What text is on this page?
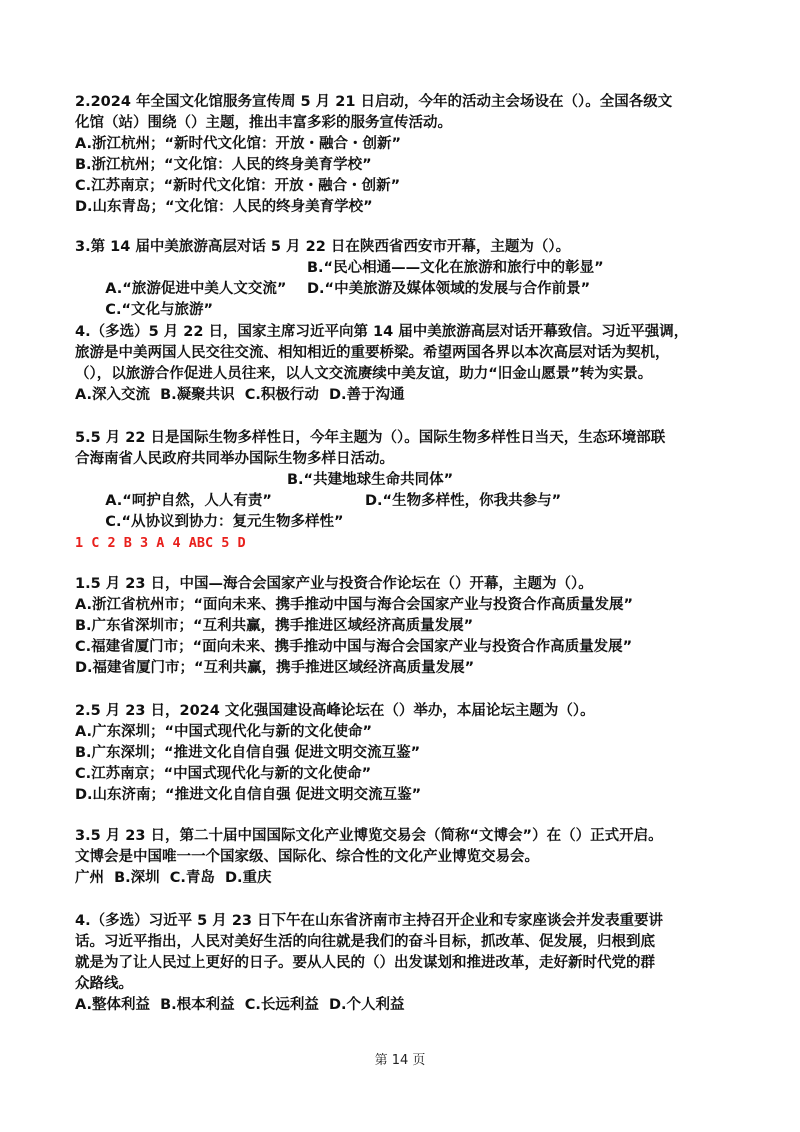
2.2024 年全国文化馆服务宣传周 5 月 21 日启动，今年的活动主会场设在（）。全国各级文
化馆（站）围绕（）主题，推出丰富多彩的服务宣传活动。
A.浙江杭州；“新时代文化馆：开放・融合・创新”
B.浙江杭州；“文化馆：人民的终身美育学校”
C.江苏南京；“新时代文化馆：开放・融合・创新”
D.山东青岛；“文化馆：人民的终身美育学校”
3.第 14 届中美旅游高层对话 5 月 22 日在陕西省西安市开幕，主题为（）。

A.“旅游促进中美人文交流”

B.“民心相通——文化在旅游和旅行中的彰显”

C.“文化与旅游”

D.“中美旅游及媒体领域的发展与合作前景”

4.（多选）5 月 22 日，国家主席习近平向第 14 届中美旅游高层对话开幕致信。习近平强调，
旅游是中美两国人民交往交流、相知相近的重要桥梁。希望两国各界以本次高层对话为契机，
（），以旅游合作促进人员往来，以人文交流赓续中美友谊，助力“旧金山愿景”转为实景。
A.深入交流  B.凝聚共识  C.积极行动  D.善于沟通
5.5 月 22 日是国际生物多样性日，今年主题为（）。国际生物多样性日当天，生态环境部联
合海南省人民政府共同举办国际生物多样日活动。

A.“呵护自然，人人有责”

B.“共建地球生命共同体”

C.“从协议到协力：复元生物多样性”

D.“生物多样性，你我共参与”

1 C 2 B 3 A 4 ABC 5 D
1.5 月 23 日，中国—海合会国家产业与投资合作论坛在（）开幕，主题为（）。
A.浙江省杭州市；“面向未来、携手推动中国与海合会国家产业与投资合作高质量发展”
B.广东省深圳市；“互利共赢，携手推进区域经济高质量发展”
C.福建省厦门市；“面向未来、携手推动中国与海合会国家产业与投资合作高质量发展”
D.福建省厦门市；“互利共赢，携手推进区域经济高质量发展”
2.5 月 23 日，2024 文化强国建设高峰论坛在（）举办，本届论坛主题为（）。
A.广东深圳；“中国式现代化与新的文化使命”
B.广东深圳；“推进文化自信自强 促进文明交流互鉴”
C.江苏南京；“中国式现代化与新的文化使命”
D.山东济南；“推进文化自信自强 促进文明交流互鉴”
3.5 月 23 日，第二十届中国国际文化产业博览交易会（简称“文博会”）在（）正式开启。
文博会是中国唯一一个国家级、国际化、综合性的文化产业博览交易会。
广州  B.深圳  C.青岛  D.重庆
4.（多选）习近平 5 月 23 日下午在山东省济南市主持召开企业和专家座谈会并发表重要讲
话。习近平指出，人民对美好生活的向往就是我们的奋斗目标，抓改革、促发展，归根到底
就是为了让人民过上更好的日子。要从人民的（）出发谋划和推进改革，走好新时代党的群
众路线。
A.整体利益  B.根本利益  C.长远利益  D.个人利益
第 14 页
